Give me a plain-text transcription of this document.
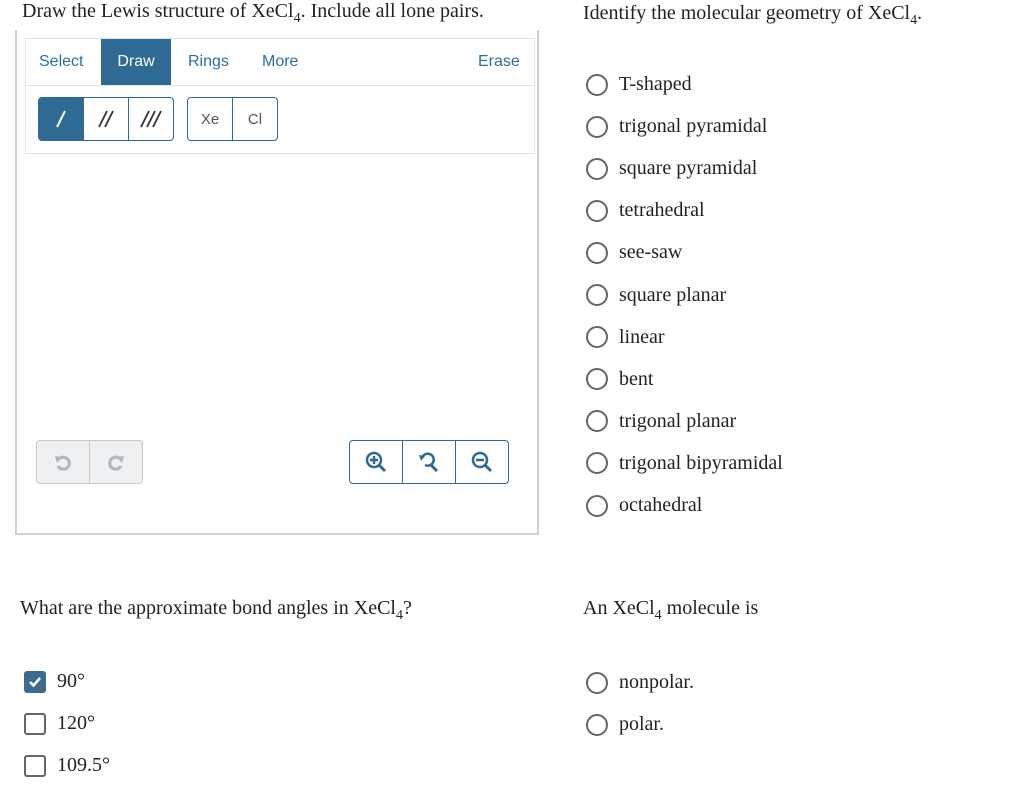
Draw the Lewis structure of XeCl$_4$. Include all lone pairs.	Identify the molecular geometry of XeCl$_4$.
What are the approximate bond angles in XeCl$_4$?	An XeCl$_4$ molecule is
Select	Draw	Rings More	Erase
Xe	Cl
T-shaped
trigonal pyramidal
square pyramidal
tetrahedral
see-saw
square planar
linear
bent
trigonal planar
trigonal bipyramidal
octahedral
90°
120°
109.5°
nonpolar.
polar.
